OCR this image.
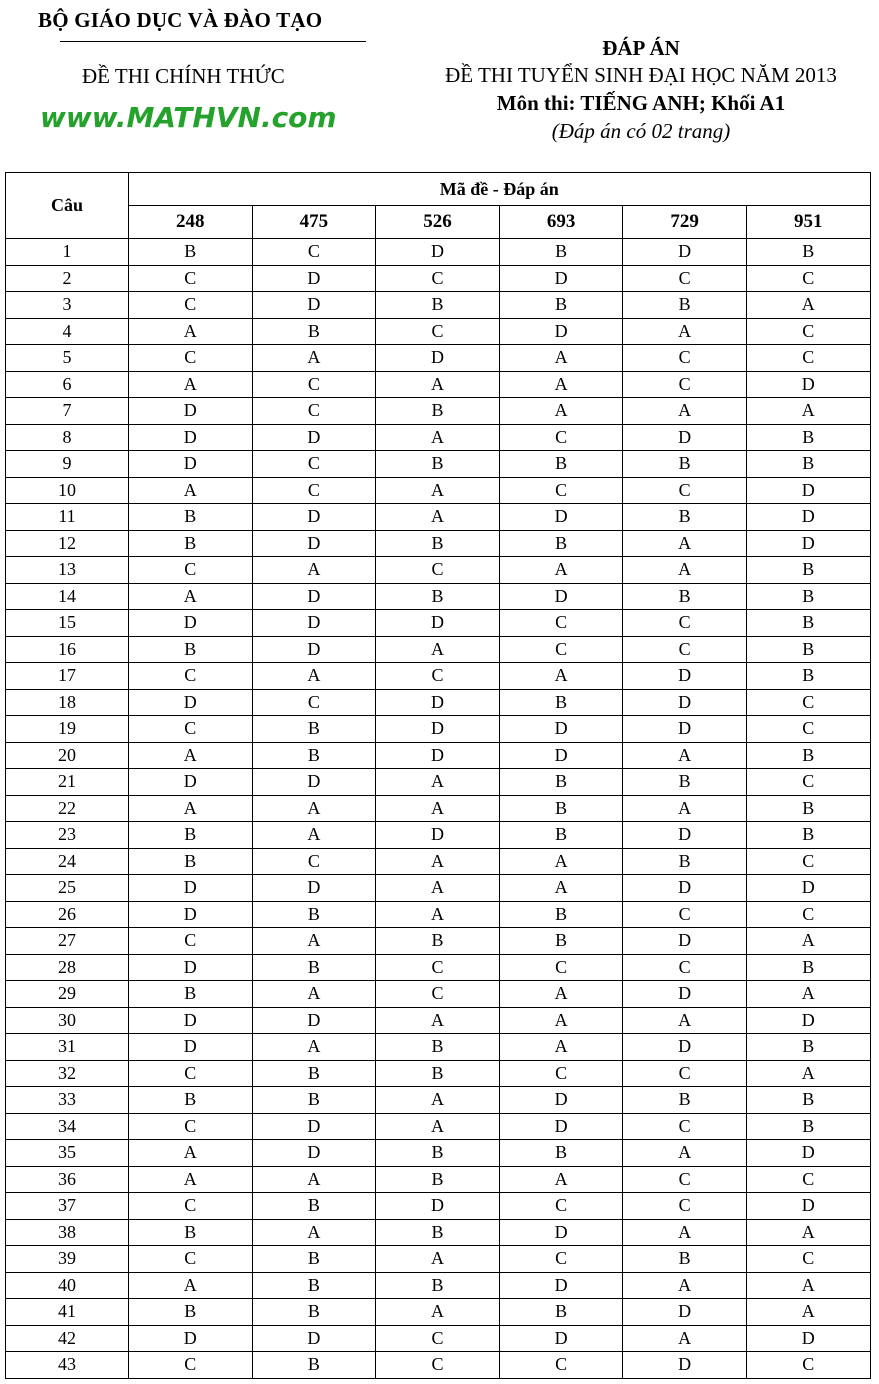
BỘ GIÁO DỤC VÀ ĐÀO TẠO
ĐỀ THI CHÍNH THỨC
www.MATHVN.com
ĐÁP ÁN
ĐỀ THI TUYỂN SINH ĐẠI HỌC NĂM 2013
Môn thi: TIẾNG ANH; Khối A1
(Đáp án có 02 trang)
Câu	Mã đề - Đáp án					
	248	475	526	693	729	951
1	B	C	D	B	D	B
2	C	D	C	D	C	C
3	C	D	B	B	B	A
4	A	B	C	D	A	C
5	C	A	D	A	C	C
6	A	C	A	A	C	D
7	D	C	B	A	A	A
8	D	D	A	C	D	B
9	D	C	B	B	B	B
10	A	C	A	C	C	D
11	B	D	A	D	B	D
12	B	D	B	B	A	D
13	C	A	C	A	A	B
14	A	D	B	D	B	B
15	D	D	D	C	C	B
16	B	D	A	C	C	B
17	C	A	C	A	D	B
18	D	C	D	B	D	C
19	C	B	D	D	D	C
20	A	B	D	D	A	B
21	D	D	A	B	B	C
22	A	A	A	B	A	B
23	B	A	D	B	D	B
24	B	C	A	A	B	C
25	D	D	A	A	D	D
26	D	B	A	B	C	C
27	C	A	B	B	D	A
28	D	B	C	C	C	B
29	B	A	C	A	D	A
30	D	D	A	A	A	D
31	D	A	B	A	D	B
32	C	B	B	C	C	A
33	B	B	A	D	B	B
34	C	D	A	D	C	B
35	A	D	B	B	A	D
36	A	A	B	A	C	C
37	C	B	D	C	C	D
38	B	A	B	D	A	A
39	C	B	A	C	B	C
40	A	B	B	D	A	A
41	B	B	A	B	D	A
42	D	D	C	D	A	D
43	C	B	C	C	D	C
